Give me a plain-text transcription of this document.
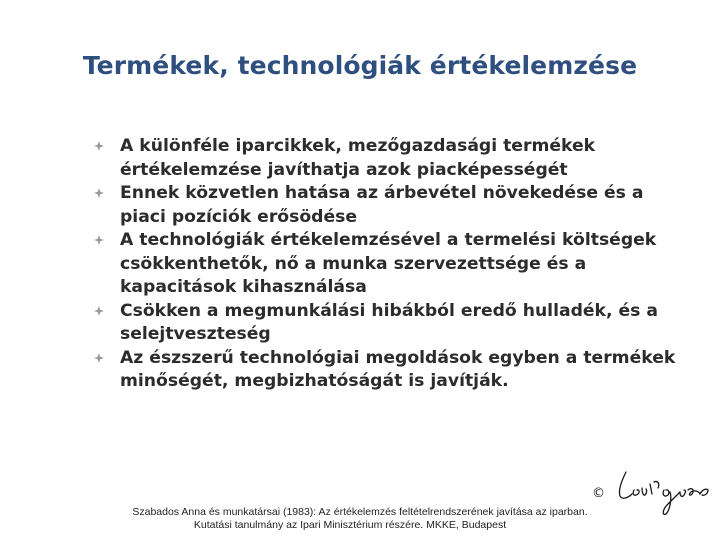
Termékek, technológiák értékelemzése
A különféle iparcikkek, mezőgazdasági termékek értékelemzése javíthatja azok piacképességét
Ennek közvetlen hatása az árbevétel növekedése és a piaci pozíciók erősödése
A technológiák értékelemzésével a termelési költségek csökkenthetők, nő a munka szervezettsége és a kapacitások kihasználása
Csökken a megmunkálási hibákból eredő hulladék, és a selejtveszteség
Az észszerű technológiai megoldások egyben a termékek minőségét, megbizhatóságát is javítják.
©
Szabados Anna és munkatársai (1983): Az értékelemzés feltételrendszerének javítása az iparban.
Kutatási tanulmány az Ipari Minisztérium részére. MKKE, Budapest
